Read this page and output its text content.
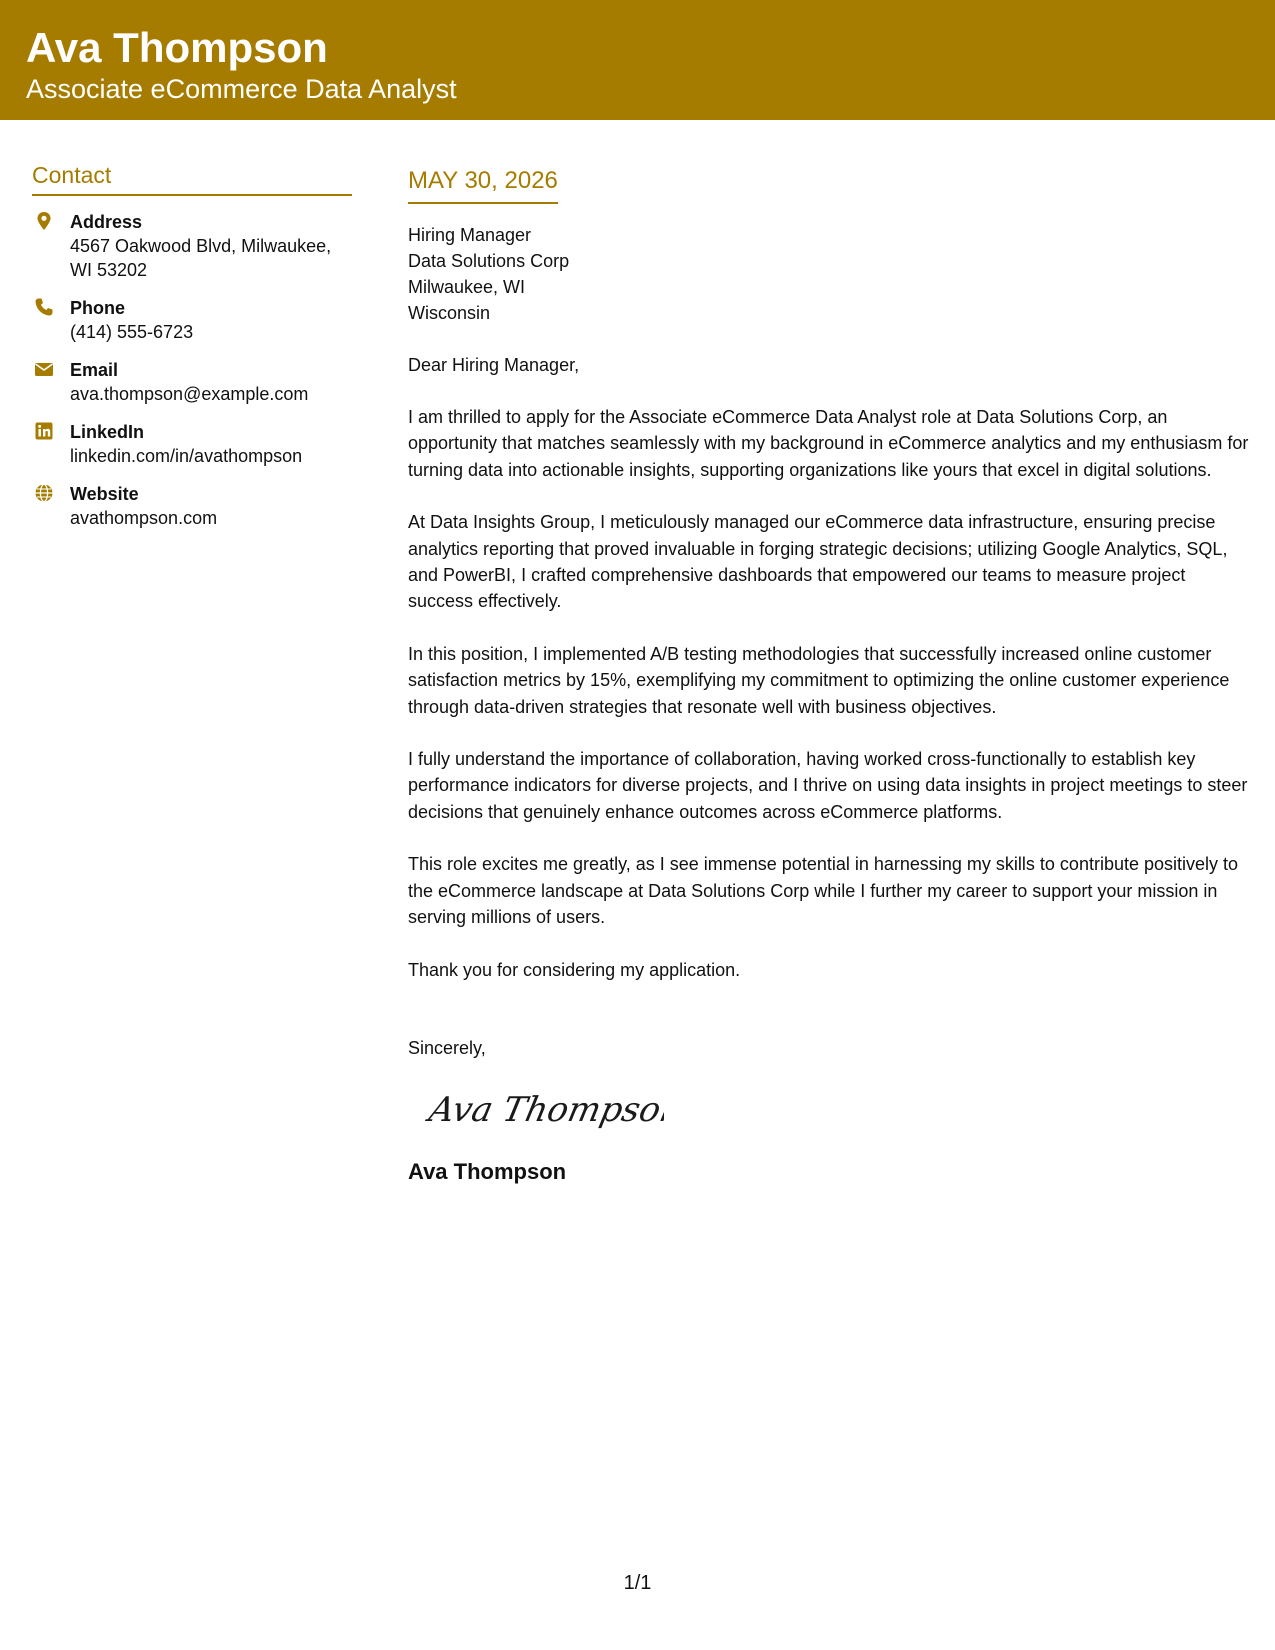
Ava Thompson
Associate eCommerce Data Analyst
Contact
Address
4567 Oakwood Blvd, Milwaukee, WI 53202
Phone
(414) 555-6723
Email
ava.thompson@example.com
LinkedIn
linkedin.com/in/avathompson
Website
avathompson.com
MAY 30, 2026
Hiring Manager
Data Solutions Corp
Milwaukee, WI
Wisconsin
Dear Hiring Manager,
I am thrilled to apply for the Associate eCommerce Data Analyst role at Data Solutions Corp, an opportunity that matches seamlessly with my background in eCommerce analytics and my enthusiasm for turning data into actionable insights, supporting organizations like yours that excel in digital solutions.
At Data Insights Group, I meticulously managed our eCommerce data infrastructure, ensuring precise analytics reporting that proved invaluable in forging strategic decisions; utilizing Google Analytics, SQL, and PowerBI, I crafted comprehensive dashboards that empowered our teams to measure project success effectively.
In this position, I implemented A/B testing methodologies that successfully increased online customer satisfaction metrics by 15%, exemplifying my commitment to optimizing the online customer experience through data-driven strategies that resonate well with business objectives.
I fully understand the importance of collaboration, having worked cross-functionally to establish key performance indicators for diverse projects, and I thrive on using data insights in project meetings to steer decisions that genuinely enhance outcomes across eCommerce platforms.
This role excites me greatly, as I see immense potential in harnessing my skills to contribute positively to the eCommerce landscape at Data Solutions Corp while I further my career to support your mission in serving millions of users.
Thank you for considering my application.
Sincerely,
Ava Thompson
Ava Thompson
1/1
